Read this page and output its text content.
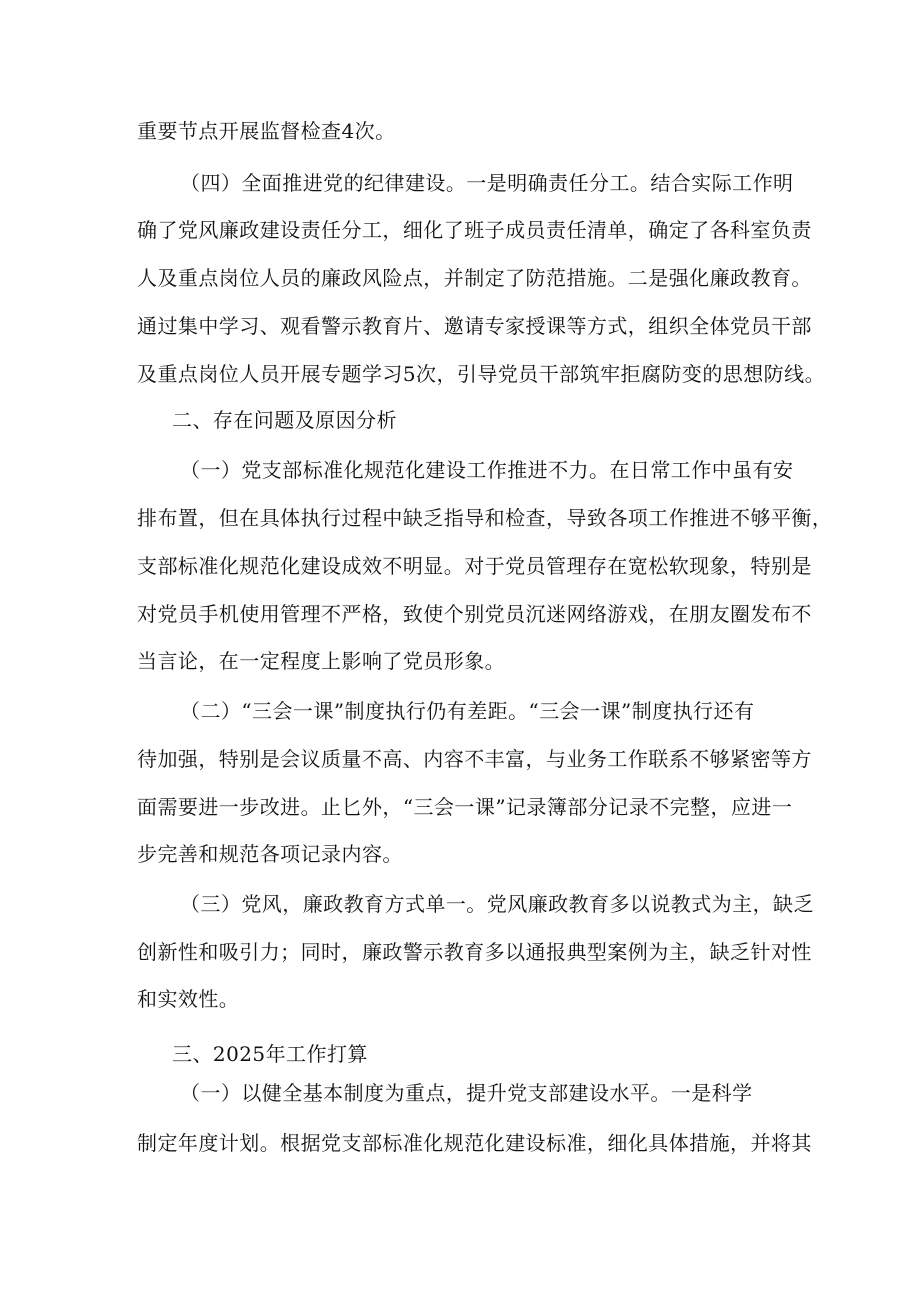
重要节点开展监督检查4次。
（四）全面推进党的纪律建设。一是明确责任分工。结合实际工作明
确了党风廉政建设责任分工，细化了班子成员责任清单，确定了各科室负责
人及重点岗位人员的廉政风险点，并制定了防范措施。二是强化廉政教育。
通过集中学习、观看警示教育片、邀请专家授课等方式，组织全体党员干部
及重点岗位人员开展专题学习5次，引导党员干部筑牢拒腐防变的思想防线。
二、存在问题及原因分析
（一）党支部标准化规范化建设工作推进不力。在日常工作中虽有安
排布置，但在具体执行过程中缺乏指导和检查，导致各项工作推进不够平衡，
支部标准化规范化建设成效不明显。对于党员管理存在宽松软现象，特别是
对党员手机使用管理不严格，致使个别党员沉迷网络游戏，在朋友圈发布不
当言论，在一定程度上影响了党员形象。
（二）“三会一课”制度执行仍有差距。“三会一课”制度执行还有
待加强，特别是会议质量不高、内容不丰富，与业务工作联系不够紧密等方
面需要进一步改进。止匕外，“三会一课”记录簿部分记录不完整，应进一
步完善和规范各项记录内容。
（三）党风，廉政教育方式单一。党风廉政教育多以说教式为主，缺乏
创新性和吸引力；同时，廉政警示教育多以通报典型案例为主，缺乏针对性
和实效性。
三、2025年工作打算
（一）以健全基本制度为重点，提升党支部建设水平。一是科学
制定年度计划。根据党支部标准化规范化建设标准，细化具体措施，并将其
